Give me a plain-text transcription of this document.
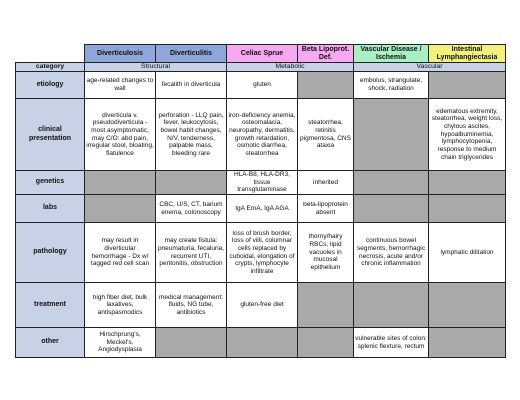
	Diverticulosis	Diverticulitis	Celiac Sprue	Beta Lipoprot. Def.	Vascular Disease / Ischemia	Intestinal Lymphangiectasia
category	Structural		Metabolic		Vascular	
etiology	age-related changes to wall	fecalith in diverticula	gluten		embolus, strangulate, shock, radiation	
clinical presentation	diverticula v. pseudodiverticula - most asymptomatic, may C/O: abd pain, irregular stool, bloating, flatulence	perforation - LLQ pain, fever, leukocytosis, bowel habit changes, N/V, tenderness, palpable mass, bleeding rare	iron-deficiency anemia, osteomalacia, neuropathy, dermatitis, growth retardation, osmotic diarrhea, steatorrhea	steatorrhea, retinitis pigmentosa, CNS ataxia		edematous extremity, steatorrhea, weight loss, chylous ascites, hypoalbuminemia, lymphocytopenia, response to medium chain triglycerides
genetics			HLA-B8, HLA-DR3, tissue transglutaminase	inherited		
labs		CBC, U/S, CT, barium enema, colonoscopy	IgA EmA, IgA AGA	beta-lipoprotein absent		
pathology	may result in diverticular hemorrhage - Dx w/ tagged red cell scan	may create fistula: pneumaturia, fecaluria, recurrent UTI, peritonitis, obstruction	loss of brush border, loss of villi, columnar cells replaced by cuboidal, elongation of crypts, lymphocyte infiltrate	thorny/hairy RBCs, lipid vacuoles in mucosal epithelium	continuous bowel segments, hemorrhagic necrosis, acute and/or chronic inflammation	lymphatic dilitation
treatment	high fiber diet, bulk laxatives, antispasmodics	medical management: fluids, NG tube, antibiotics	gluten-free diet			
other	Hirschprung's, Meckel's, Angiodysplasia				vulnerable sites of colon: splenic flexture, rectum	
